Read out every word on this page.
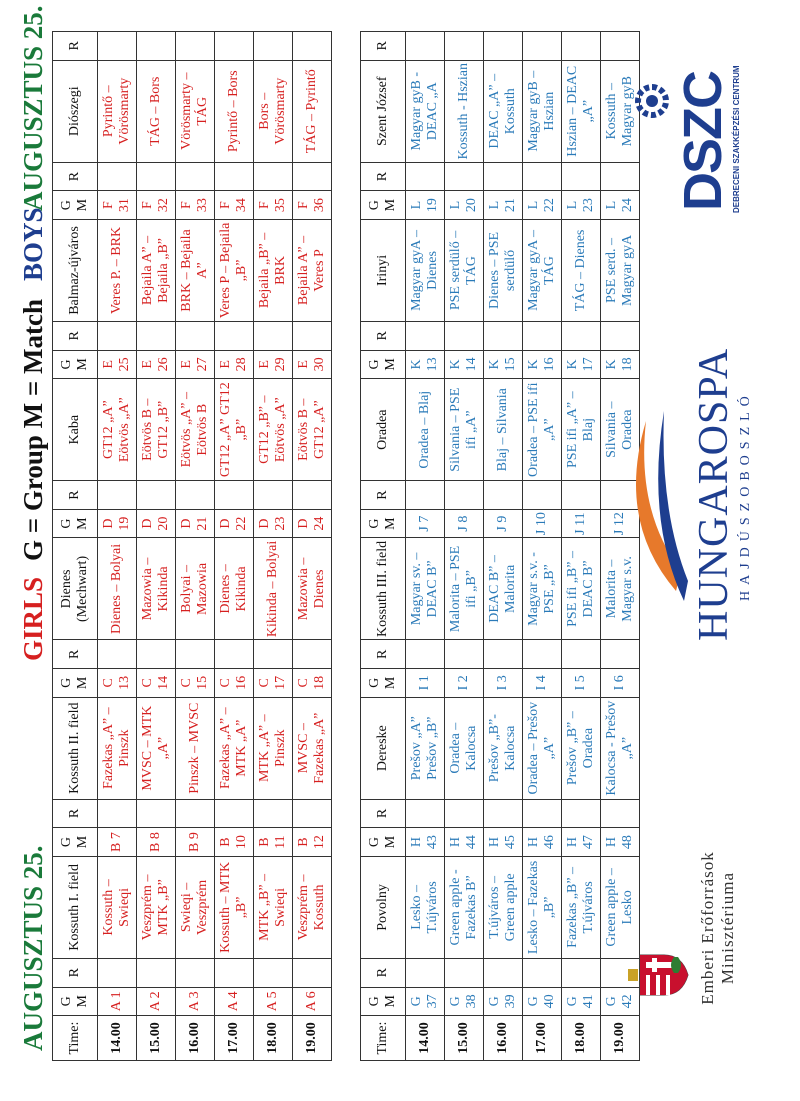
AUGUSZTUS 25.
GIRLS
G = Group M = Match
BOYS
AUGUSZTUS 25.
Time:	G M	R	Kossuth I. field	G M	R	Kossuth II. field	G M	R	Dienes (Mechwart)	G M	R	Kaba	G M	R	Balmaz-újváros	G M	R	Diószegi	R
14.00	A 1		Kossuth – Swieqi	B 7		Fazekas „A” – Pinszk	C 13		Dienes – Bolyai	D 19		GT12 „A” Eötvös „A”	E 25		Veres P. – BRK	F 31		Pyrintő – Vörösmarty	
15.00	A 2		Veszprém – MTK „B”	B 8		MVSC – MTK „A”	C 14		Mazowia – Kikinda	D 20		Eötvös B – GT12 „B”	E 26		Bejaila A” – Bejaila „B”	F 32		TÁG – Bors	
16.00	A 3		Swieqi – Veszprém	B 9		Pinszk – MVSC	C 15		Bolyai – Mazowia	D 21		Eötvös „A” – Eötvös B	E 27		BRK – Bejaila A”	F 33		Vörösmarty – TÁG	
17.00	A 4		Kossuth – MTK „B”	B 10		Fazekas „A” – MTK „A”	C 16		Dienes – Kikinda	D 22		GT12 „A” GT12 „B”	E 28		Veres P – Bejaila „B”	F 34		Pyrintő – Bors	
18.00	A 5		MTK „B” – Swieqi	B 11		MTK „A” – Pinszk	C 17		Kikinda – Bolyai	D 23		GT12 „B” – Eötvös „A”	E 29		Bejaila „B” – BRK	F 35		Bors – Vörösmarty	
19.00	A 6		Veszprém – Kossuth	B 12		MVSC – Fazekas „A”	C 18		Mazowia – Dienes	D 24		Eötvös B – GT12 „A”	E 30		Bejaila A” – Veres P	F 36		TÁG – Pyrintő	
Time:	G M	R	Povolny	G M	R	Dereske	G M	R	Kossuth III. field	G M	R	Oradea	G M	R	Irinyi	G M	R	Szent József	R
14.00	G 37		Lesko – T.újváros	H 43		Prešov „A” Prešov „B”	I 1		Magyar sv. – DEAC B”	J 7		Oradea – Blaj	K 13		Magyar gyA – Dienes	L 19		Magyar gyB - DEAC „A	
15.00	G 38		Green apple -Fazekas B”	H 44		Oradea – Kalocsa	I 2		Malorita – PSE ifi „B”	J 8		Silvania – PSE ifi „A”	K 14		PSE serdülő – TÁG	L 20		Kossuth - Hszian	
16.00	G 39		T.újváros – Green apple	H 45		Prešov „B”- Kalocsa	I 3		DEAC B” – Malorita	J 9		Blaj – Silvania	K 15		Dienes – PSE serdülő	L 21		DEAC „A” – Kossuth	
17.00	G 40		Lesko – Fazekas „B”	H 46		Oradea – Prešov „A”	I 4		Magyar s.v. - PSE „B”	J 10		Oradea – PSE ifi „A”	K 16		Magyar gyA – TÁG	L 22		Magyar gyB – Hszian	
18.00	G 41		Fazekas „B” – T.újváros	H 47		Prešov „B” – Oradea	I 5		PSE ifi „B” – DEAC B”	J 11		PSE ifi „A” – Blaj	K 17		TÁG – Dienes	L 23		Hszian – DEAC „A”	
19.00	G 42		Green apple – Lesko	H 48		Kalocsa - Prešov „A”	I 6		Malorita – Magyar s.v.	J 12		Silvania – Oradea	K 18		PSE serd. – Magyar gyA	L 24		Kossuth – Magyar gyB	
Emberi Erőforrások Minisztériuma
HUNGAROSPA HAJDÚSZOBOSZLÓ
DSZC DEBRECENI SZAKKÉPZÉSI CENTRUM
